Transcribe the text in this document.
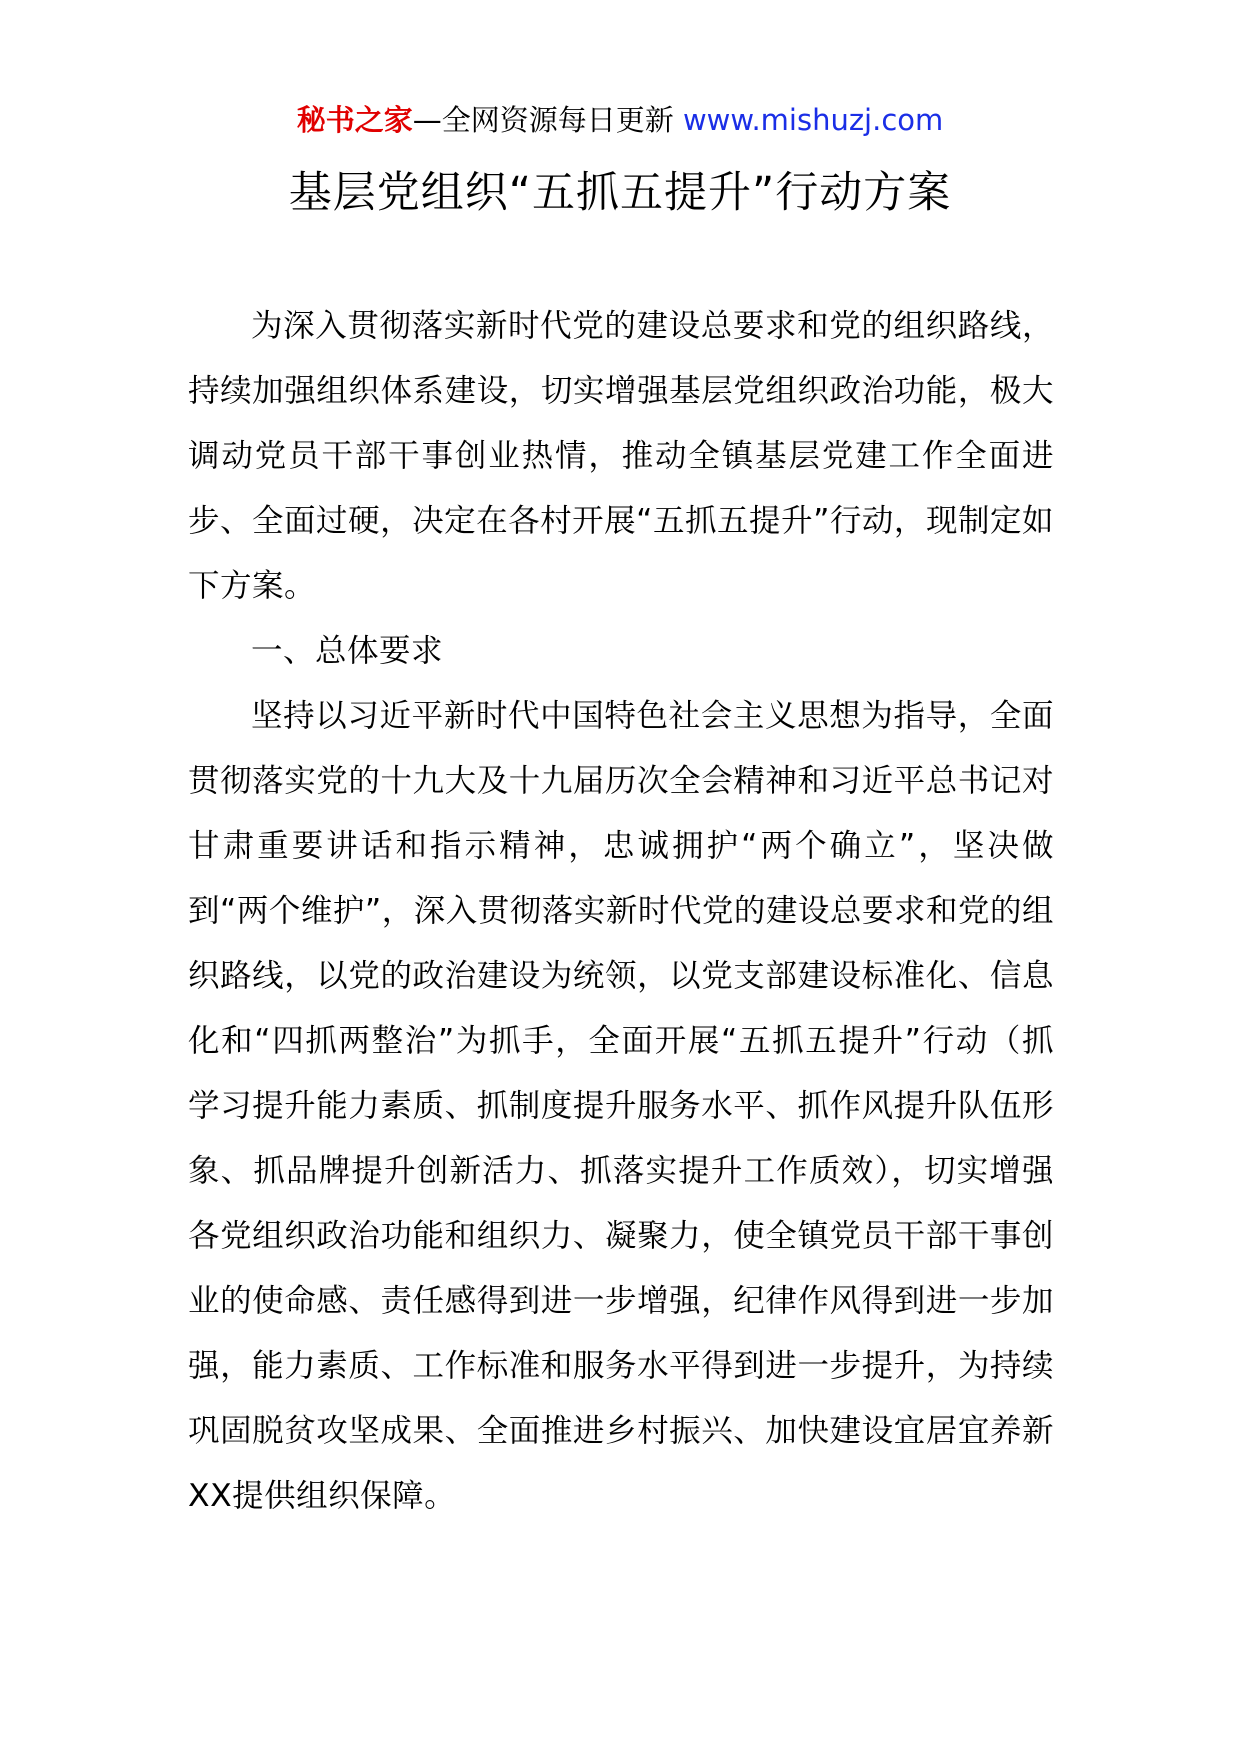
秘书之家—全网资源每日更新 www.mishuzj.com
基层党组织“五抓五提升”行动方案

为深入贯彻落实新时代党的建设总要求和党的组织路线，持续加强组织体系建设，切实增强基层党组织政治功能，极大调动党员干部干事创业热情，推动全镇基层党建工作全面进步、全面过硬，决定在各村开展“五抓五提升”行动，现制定如下方案。

一、总体要求

坚持以习近平新时代中国特色社会主义思想为指导，全面贯彻落实党的十九大及十九届历次全会精神和习近平总书记对甘肃重要讲话和指示精神，忠诚拥护“两个确立”，坚决做到“两个维护”，深入贯彻落实新时代党的建设总要求和党的组织路线，以党的政治建设为统领，以党支部建设标准化、信息化和“四抓两整治”为抓手，全面开展“五抓五提升”行动（抓学习提升能力素质、抓制度提升服务水平、抓作风提升队伍形象、抓品牌提升创新活力、抓落实提升工作质效），切实增强各党组织政治功能和组织力、凝聚力，使全镇党员干部干事创业的使命感、责任感得到进一步增强，纪律作风得到进一步加强，能力素质、工作标准和服务水平得到进一步提升，为持续巩固脱贫攻坚成果、全面推进乡村振兴、加快建设宜居宜养新XX提供组织保障。
